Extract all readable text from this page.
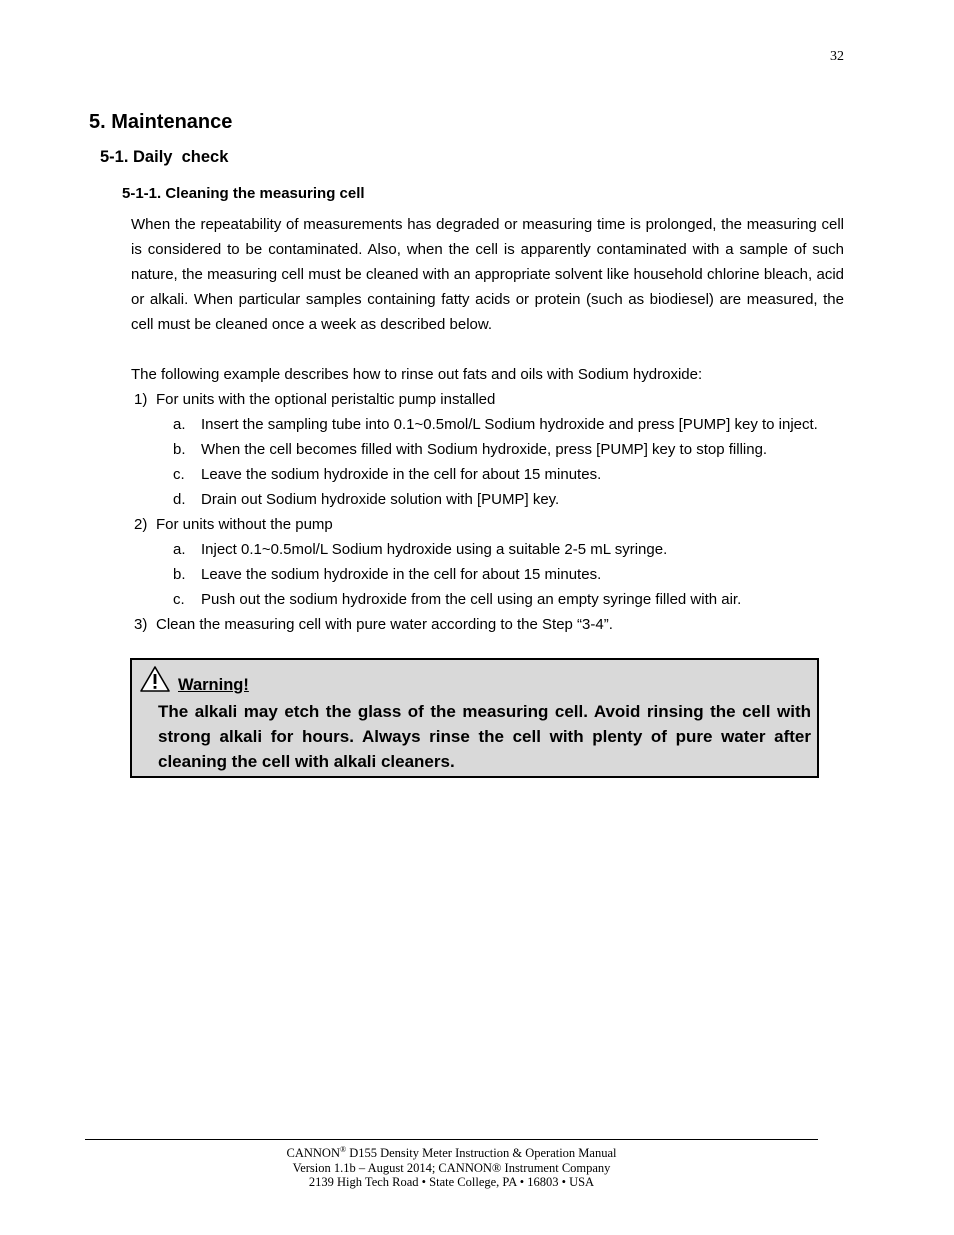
32
5. Maintenance
5-1. Daily  check
5-1-1. Cleaning the measuring cell

When the repeatability of measurements has degraded or measuring time is prolonged, the measuring cell is considered to be contaminated. Also, when the cell is apparently contaminated with a sample of such nature, the measuring cell must be cleaned with an appropriate solvent like household chlorine bleach, acid or alkali. When particular samples containing fatty acids or protein (such as biodiesel) are measured, the cell must be cleaned once a week as described below.

The following example describes how to rinse out fats and oils with Sodium hydroxide:
1) For units with the optional peristaltic pump installed
a. Insert the sampling tube into 0.1~0.5mol/L Sodium hydroxide and press [PUMP] key to inject.
b. When the cell becomes filled with Sodium hydroxide, press [PUMP] key to stop filling.
c. Leave the sodium hydroxide in the cell for about 15 minutes.
d. Drain out Sodium hydroxide solution with [PUMP] key.
2) For units without the pump
a. Inject 0.1~0.5mol/L Sodium hydroxide using a suitable 2-5 mL syringe.
b. Leave the sodium hydroxide in the cell for about 15 minutes.
c. Push out the sodium hydroxide from the cell using an empty syringe filled with air.
3) Clean the measuring cell with pure water according to the Step “3-4”.
Warning!
The alkali may etch the glass of the measuring cell. Avoid rinsing the cell with strong alkali for hours. Always rinse the cell with plenty of pure water after cleaning the cell with alkali cleaners.
CANNON® D155 Density Meter Instruction & Operation Manual
Version 1.1b – August 2014; CANNON® Instrument Company
2139 High Tech Road • State College, PA • 16803 • USA
